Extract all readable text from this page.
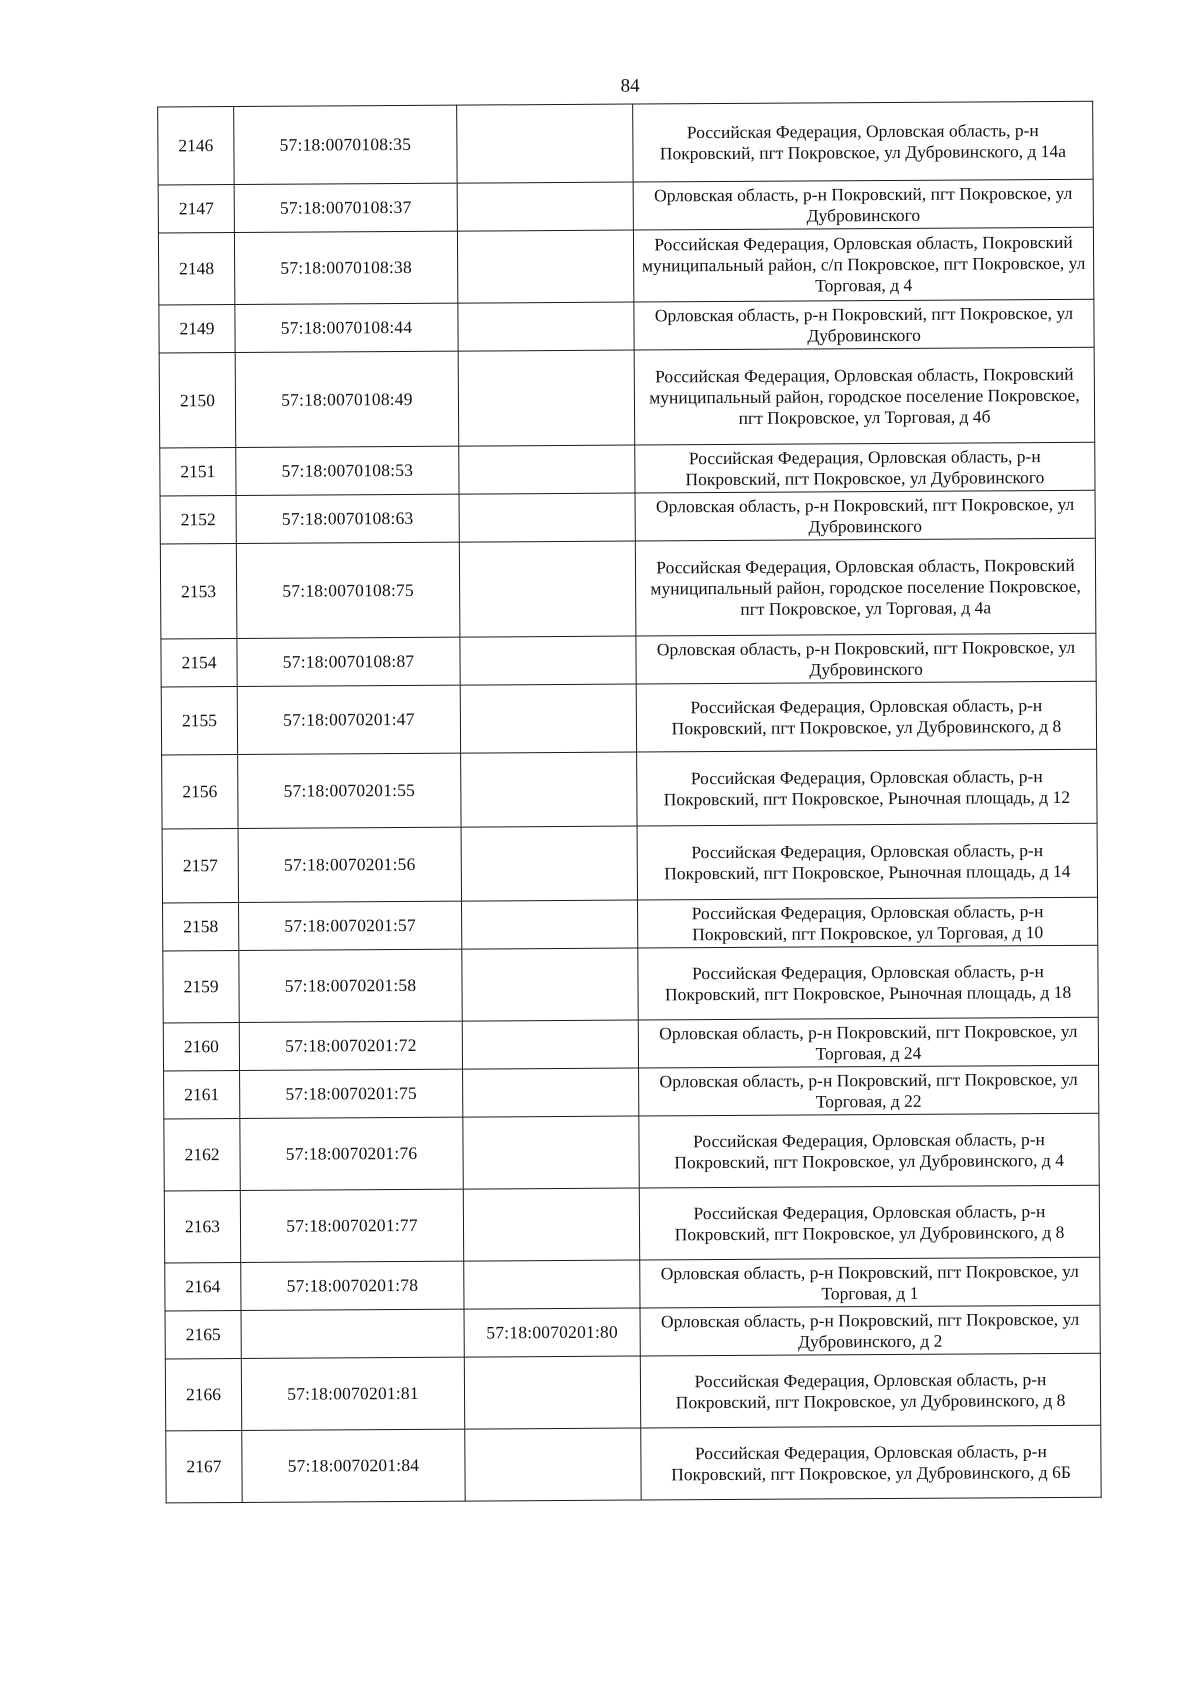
84
2146	57:18:0070108:35		Российская Федерация, Орловская область, р-н Покровский, пгт Покровское, ул Дубровинского, д 14а
2147	57:18:0070108:37		Орловская область, р-н Покровский, пгт Покровское, ул Дубровинского
2148	57:18:0070108:38		Российская Федерация, Орловская область, Покровский муниципальный район, с/п Покровское, пгт Покровское, ул Торговая, д 4
2149	57:18:0070108:44		Орловская область, р-н Покровский, пгт Покровское, ул Дубровинского
2150	57:18:0070108:49		Российская Федерация, Орловская область, Покровский муниципальный район, городское поселение Покровское, пгт Покровское, ул Торговая, д 4б
2151	57:18:0070108:53		Российская Федерация, Орловская область, р-н Покровский, пгт Покровское, ул Дубровинского
2152	57:18:0070108:63		Орловская область, р-н Покровский, пгт Покровское, ул Дубровинского
2153	57:18:0070108:75		Российская Федерация, Орловская область, Покровский муниципальный район, городское поселение Покровское, пгт Покровское, ул Торговая, д 4а
2154	57:18:0070108:87		Орловская область, р-н Покровский, пгт Покровское, ул Дубровинского
2155	57:18:0070201:47		Российская Федерация, Орловская область, р-н Покровский, пгт Покровское, ул Дубровинского, д 8
2156	57:18:0070201:55		Российская Федерация, Орловская область, р-н Покровский, пгт Покровское, Рыночная площадь, д 12
2157	57:18:0070201:56		Российская Федерация, Орловская область, р-н Покровский, пгт Покровское, Рыночная площадь, д 14
2158	57:18:0070201:57		Российская Федерация, Орловская область, р-н Покровский, пгт Покровское, ул Торговая, д 10
2159	57:18:0070201:58		Российская Федерация, Орловская область, р-н Покровский, пгт Покровское, Рыночная площадь, д 18
2160	57:18:0070201:72		Орловская область, р-н Покровский, пгт Покровское, ул Торговая, д 24
2161	57:18:0070201:75		Орловская область, р-н Покровский, пгт Покровское, ул Торговая, д 22
2162	57:18:0070201:76		Российская Федерация, Орловская область, р-н Покровский, пгт Покровское, ул Дубровинского, д 4
2163	57:18:0070201:77		Российская Федерация, Орловская область, р-н Покровский, пгт Покровское, ул Дубровинского, д 8
2164	57:18:0070201:78		Орловская область, р-н Покровский, пгт Покровское, ул Торговая, д 1
2165		57:18:0070201:80	Орловская область, р-н Покровский, пгт Покровское, ул Дубровинского, д 2
2166	57:18:0070201:81		Российская Федерация, Орловская область, р-н Покровский, пгт Покровское, ул Дубровинского, д 8
2167	57:18:0070201:84		Российская Федерация, Орловская область, р-н Покровский, пгт Покровское, ул Дубровинского, д 6Б
